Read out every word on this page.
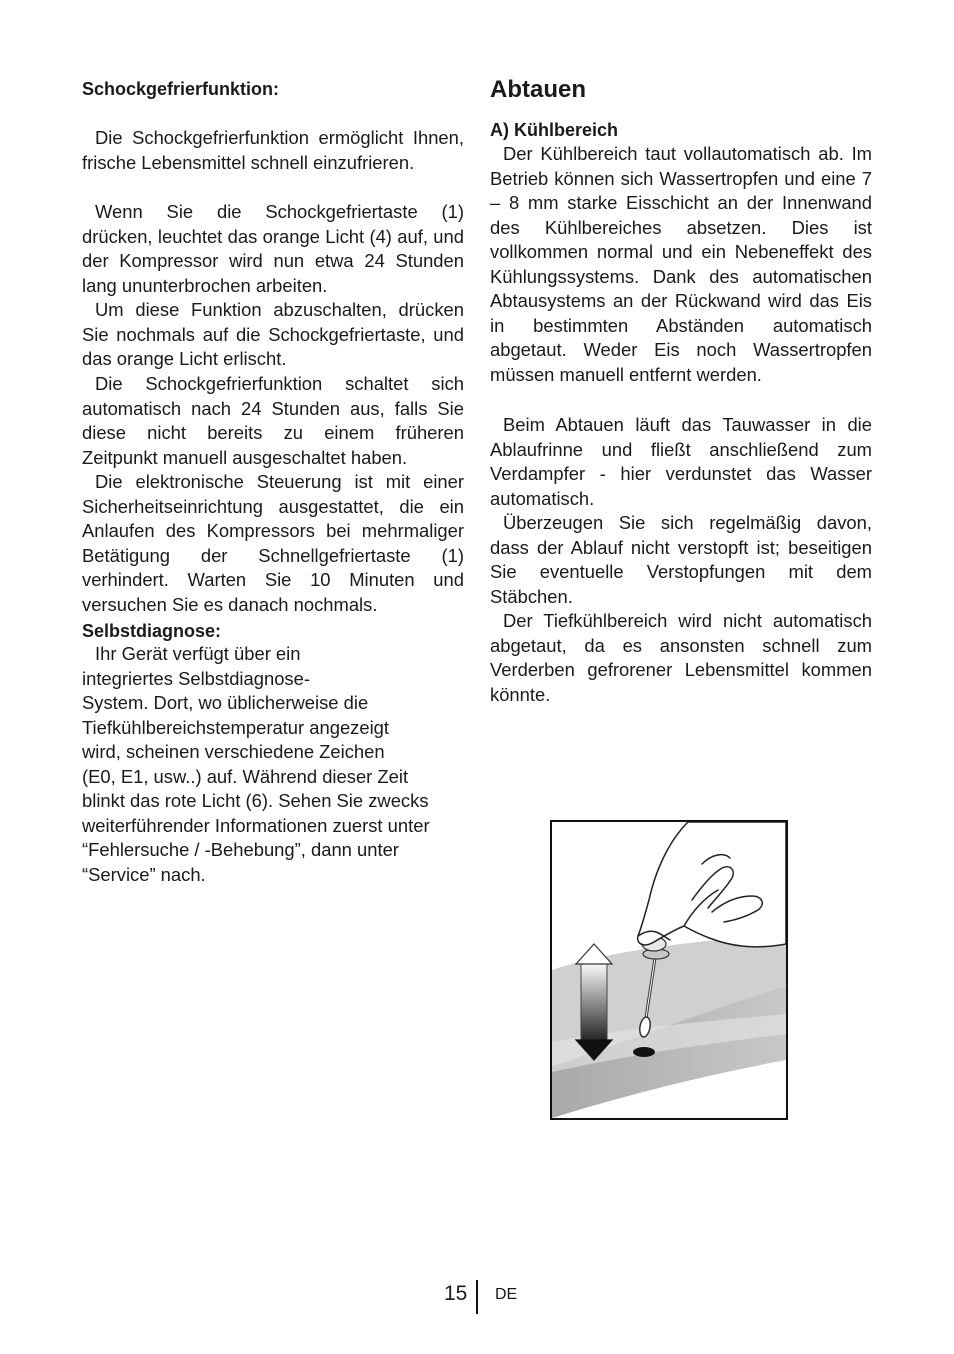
Schockgefrierfunktion:

Die Schockgefrierfunktion ermöglicht Ihnen, frische Lebensmittel schnell einzufrieren.

Wenn Sie die Schockgefriertaste (1) drücken, leuchtet das orange Licht (4) auf, und der Kompressor wird nun etwa 24 Stunden lang ununterbrochen arbeiten.

Um diese Funktion abzuschalten, drücken Sie nochmals auf die Schockgefriertaste, und das orange Licht erlischt.

Die Schockgefrierfunktion schaltet sich automatisch nach 24 Stunden aus, falls Sie diese nicht bereits zu einem früheren Zeitpunkt manuell ausgeschaltet haben.

Die elektronische Steuerung ist mit einer Sicherheitseinrichtung ausgestattet, die ein Anlaufen des Kompressors bei mehrmaliger Betätigung der Schnellgefriertaste (1) verhindert. Warten Sie 10 Minuten und versuchen Sie es danach nochmals.

Selbstdiagnose:
Ihr Gerät verfügt über ein
integriertes Selbstdiagnose-
System. Dort, wo üblicherweise die
Tiefkühlbereichstemperatur angezeigt
wird, scheinen verschiedene Zeichen
(E0, E1, usw..) auf. Während dieser Zeit
blinkt das rote Licht (6). Sehen Sie zwecks
weiterführender Informationen zuerst unter
“Fehlersuche / -Behebung”, dann unter
“Service” nach.
Abtauen
A) Kühlbereich

Der Kühlbereich taut vollautomatisch ab. Im Betrieb können sich Wassertropfen und eine 7 – 8 mm starke Eisschicht an der Innenwand des Kühlbereiches absetzen. Dies ist vollkommen normal und ein Nebeneffekt des Kühlungssystems. Dank des automatischen Abtausystems an der Rückwand wird das Eis in bestimmten Abständen automatisch abgetaut. Weder Eis noch Wassertropfen müssen manuell entfernt werden.

Beim Abtauen läuft das Tauwasser in die Ablaufrinne und fließt anschließend zum Verdampfer - hier verdunstet das Wasser automatisch.

Überzeugen Sie sich regelmäßig davon, dass der Ablauf nicht verstopft ist; beseitigen Sie eventuelle Verstopfungen mit dem Stäbchen.

Der Tiefkühlbereich wird nicht automatisch abgetaut, da es ansonsten schnell zum Verderben gefrorener Lebensmittel kommen könnte.

15 DE
